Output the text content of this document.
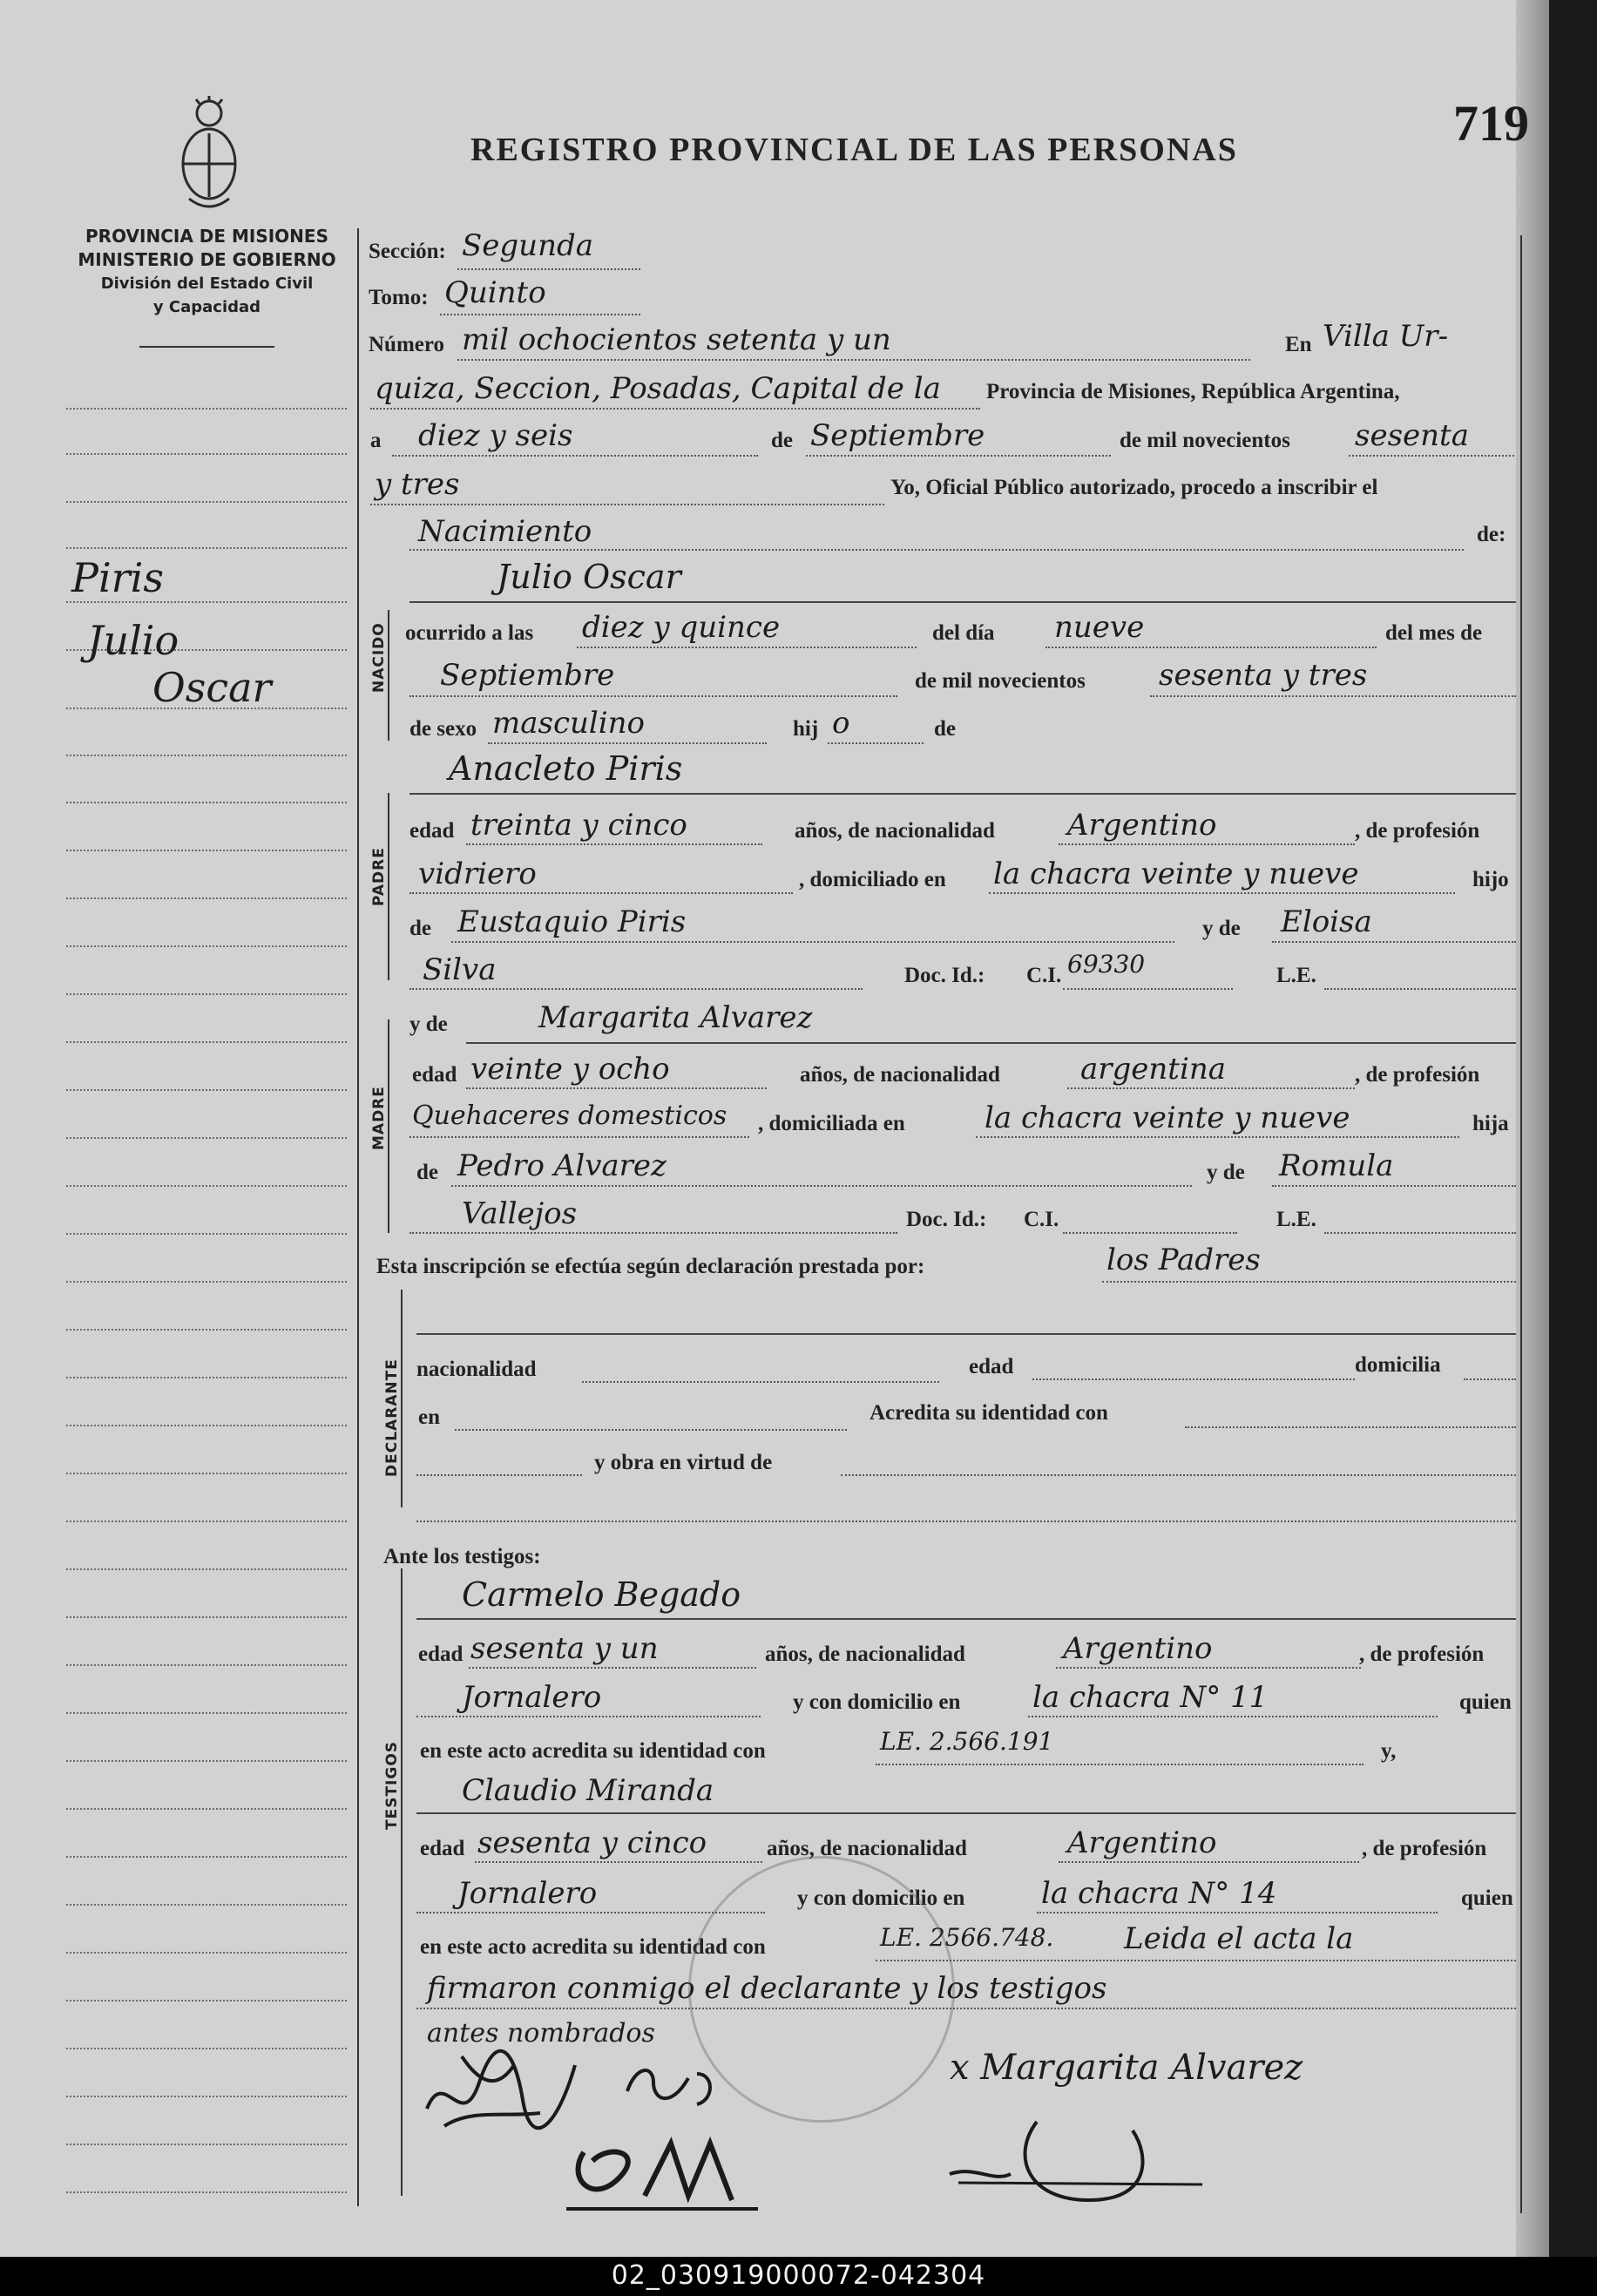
REGISTRO PROVINCIAL DE LAS PERSONAS	719
PROVINCIA DE MISIONES
MINISTERIO DE GOBIERNO
División del Estado Civil
y Capacidad
Piris
Julio
Oscar	NACIDO
PADRE
MADRE
DECLARANTE
TESTIGOS
Sección: Segunda
Tomo: Quinto
Número mil ochocientos setenta y un	En Villa Ur-
quiza, Seccion, Posadas, Capital de la Provincia de Misiones, República Argentina,
a diez y seis	de Septiembre	de mil novecientos sesenta
y tres	Yo, Oficial Público autorizado, procedo a inscribir el
Nacimiento	de:
Julio Oscar
ocurrido a las diez y quince	del día nueve	del mes de
Septiembre	de mil novecientos sesenta y tres
de sexo masculino	hij o	de
Anacleto Piris
edad treinta y cinco	años, de nacionalidad Argentino	, de profesión
vidriero	, domiciliado en la chacra veinte y nueve	hijo
de Eustaquio Piris	y de Eloisa
Silva	Doc. Id.: C.I. 69330	L.E.
y de	Margarita Alvarez
edad veinte y ocho	años, de nacionalidad	argentina	, de profesión
Quehaceres domesticos , domiciliada en	la chacra veinte y nueve	hija
de Pedro Alvarez	y de Romula
Vallejos	Doc. Id.: C.I.	L.E.
Esta inscripción se efectúa según declaración prestada por:	los Padres
nacionalidad	edad	domicilia
en	Acredita su identidad con
y obra en virtud de
Ante los testigos:
Carmelo Begado
edad sesenta y un	años, de nacionalidad	Argentino	, de profesión
Jornalero	y con domicilio en la chacra N° 11	quien
en este acto acredita su identidad con	LE. 2.566.191	y,
Claudio Miranda
edad sesenta y cinco	años, de nacionalidad	Argentino	, de profesión
Jornalero	y con domicilio en	la chacra N° 14	quien
en este acto acredita su identidad con	LE. 2566.748. Leida el acta la
firmaron conmigo el declarante y los testigos
antes nombrados
x Margarita Alvarez
02_030919000072-042304
